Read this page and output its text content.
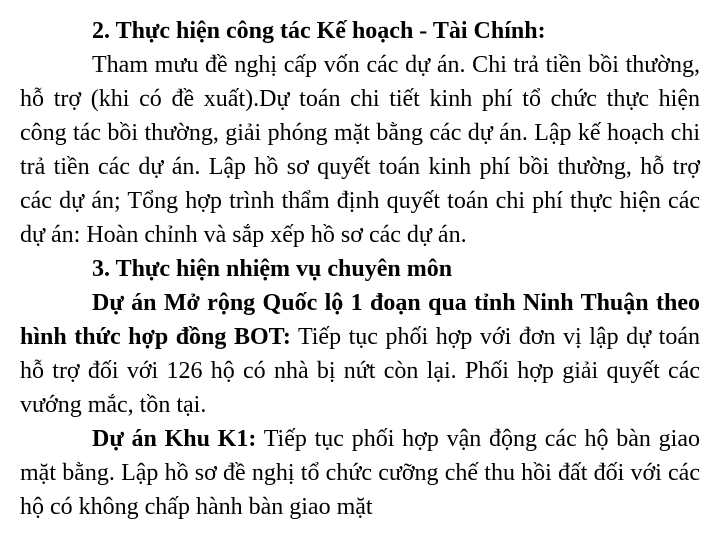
2. Thực hiện công tác Kế hoạch - Tài Chính:

Tham mưu đề nghị cấp vốn các dự án. Chi trả tiền bồi thường, hỗ trợ (khi có đề xuất).Dự toán chi tiết kinh phí tổ chức thực hiện công tác bồi thường, giải phóng mặt bằng các dự án. Lập kế hoạch chi trả tiền các dự án. Lập hồ sơ quyết toán kinh phí bồi thường, hỗ trợ các dự án; Tổng hợp trình thẩm định quyết toán chi phí thực hiện các dự án: Hoàn chỉnh và sắp xếp hồ sơ các dự án.

3. Thực hiện nhiệm vụ chuyên môn

Dự án Mở rộng Quốc lộ 1 đoạn qua tỉnh Ninh Thuận theo hình thức hợp đồng BOT: Tiếp tục phối hợp với đơn vị lập dự toán hỗ trợ đối với 126 hộ có nhà bị nứt còn lại. Phối hợp giải quyết các vướng mắc, tồn tại.

Dự án Khu K1: Tiếp tục phối hợp vận động các hộ bàn giao mặt bằng. Lập hồ sơ đề nghị tổ chức cưỡng chế thu hồi đất đối với các hộ có không chấp hành bàn giao mặt
